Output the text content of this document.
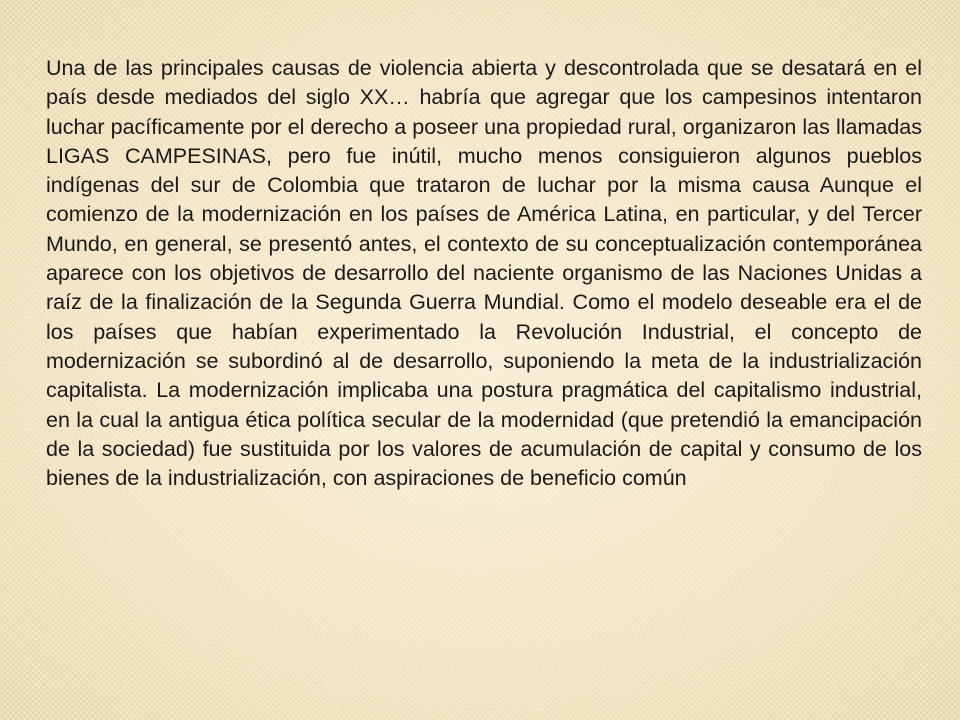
Una de las principales causas de violencia abierta y descontrolada que se desatará en el país desde mediados del siglo XX… habría que agregar que los campesinos intentaron luchar pacíficamente por el derecho a poseer una propiedad rural, organizaron las llamadas LIGAS CAMPESINAS, pero fue inútil, mucho menos consiguieron algunos pueblos indígenas del sur de Colombia que trataron de luchar por la misma causa Aunque el comienzo de la modernización en los países de América Latina, en particular, y del Tercer Mundo, en general, se presentó antes, el contexto de su conceptualización contemporánea aparece con los objetivos de desarrollo del naciente organismo de las Naciones Unidas a raíz de la finalización de la Segunda Guerra Mundial. Como el modelo deseable era el de los países que habían experimentado la Revolución Industrial, el concepto de modernización se subordinó al de desarrollo, suponiendo la meta de la industrialización capitalista. La modernización implicaba una postura pragmática del capitalismo industrial, en la cual la antigua ética política secular de la modernidad (que pretendió la emancipación de la sociedad) fue sustituida por los valores de acumulación de capital y consumo de los bienes de la industrialización, con aspiraciones de beneficio común
